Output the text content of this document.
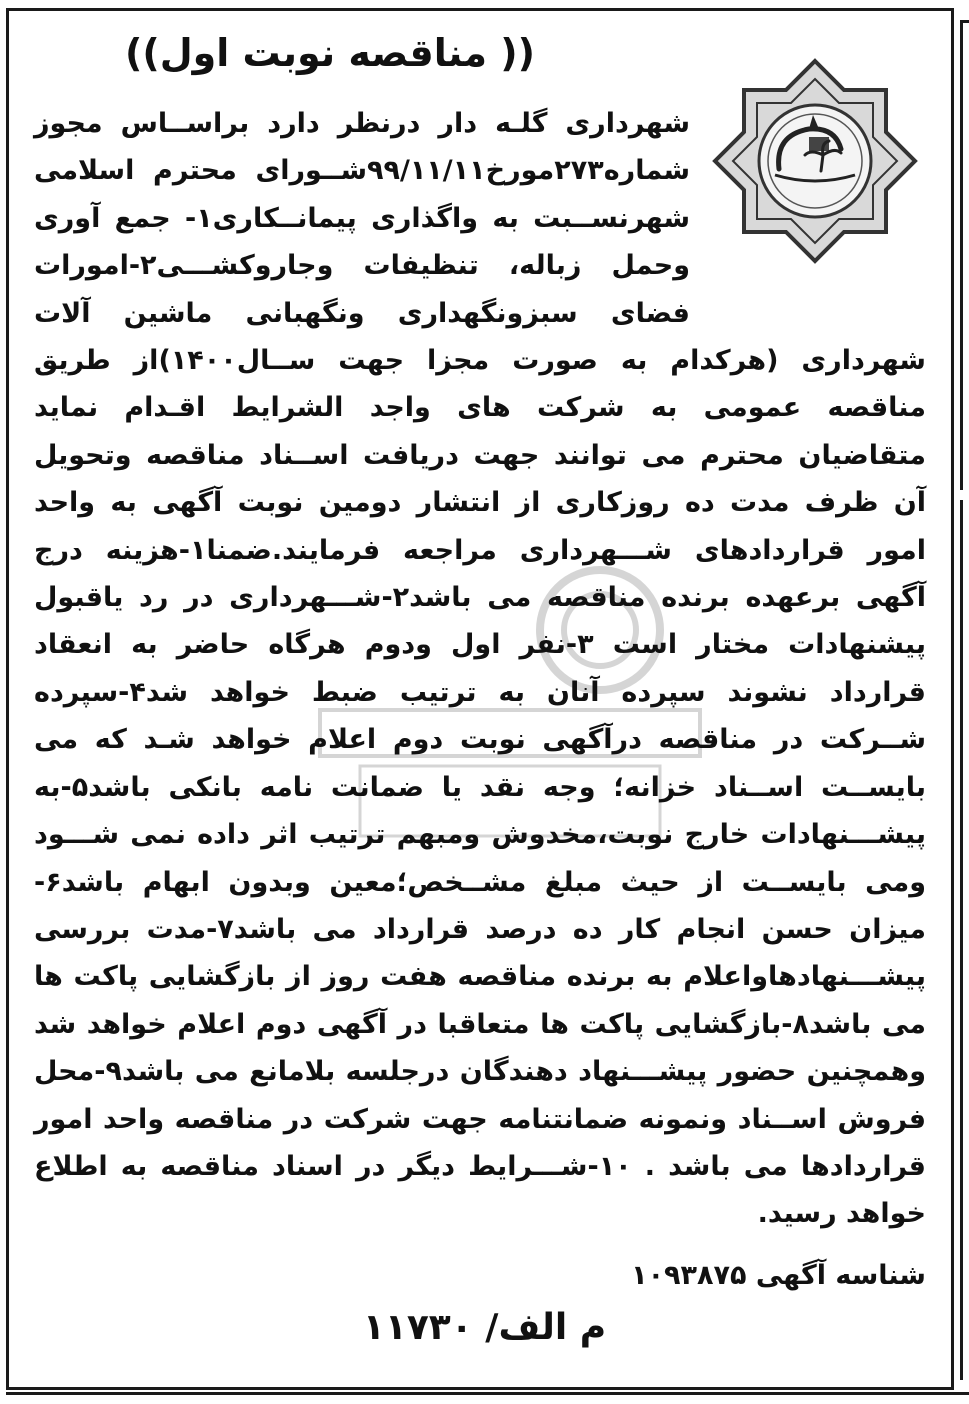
(( مناقصه نوبت اول))

شهرداری گلـه دار درنظر دارد براســاس مجوز شماره۲۷۳مورخ۹۹/۱۱/۱۱شــورای محترم اسلامی شهرنســبت به واگذاری پیمانــکاری۱- جمع آوری وحمل زباله، تنظیفات وجاروکشـــی۲-امورات فضای سبزونگهداری ونگهبانی ماشین آلات شهرداری (هرکدام به صورت مجزا جهت ســال۱۴۰۰)از طریق مناقصه عمومی به شرکت های واجد الشرایط اقـدام نماید متقاضیان محترم می توانند جهت دریافت اســناد مناقصه وتحویل آن ظرف مدت ده روزکاری از انتشار دومین نوبت آگهی به واحد امور قراردادهای شـــهرداری مراجعه فرمایند.ضمنا۱-هزینه درج آگهی برعهده برنده مناقصه می باشد۲-شـــهرداری در رد یاقبول پیشنهادات مختار است ۳-نفر اول ودوم هرگاه حاضر به انعقاد قرارداد نشوند سپرده آنان به ترتیب ضبط خواهد شد۴-سپرده شــرکت در مناقصه درآگهی نوبت دوم اعلام خواهد شـد که می بایســت اســناد خزانه؛ وجه نقد یا ضمانت نامه بانکی باشد۵-به پیشـــنهادات خارج نوبت،مخدوش ومبهم ترتیب اثر داده نمی شـــود ومی بایســت از حیث مبلغ مشــخص؛معین وبدون ابهام باشد۶-میزان حسن انجام کار ده درصد قرارداد می باشد۷-مدت بررسی پیشـــنهادهاواعلام به برنده مناقصه هفت روز از بازگشایی پاکت ها می باشد۸-بازگشایی پاکت ها متعاقبا در آگهی دوم اعلام خواهد شد وهمچنین حضور پیشـــنهاد دهندگان درجلسه بلامانع می باشد۹-محل فروش اســناد ونمونه ضمانتنامه جهت شرکت در مناقصه واحد امور قراردادها می باشد . ۱۰-شـــرایط دیگر در اسناد مناقصه به اطلاع خواهد رسید.

شناسه آگهی ۱۰۹۳۸۷۵

م الف/ ۱۱۷۳۰
